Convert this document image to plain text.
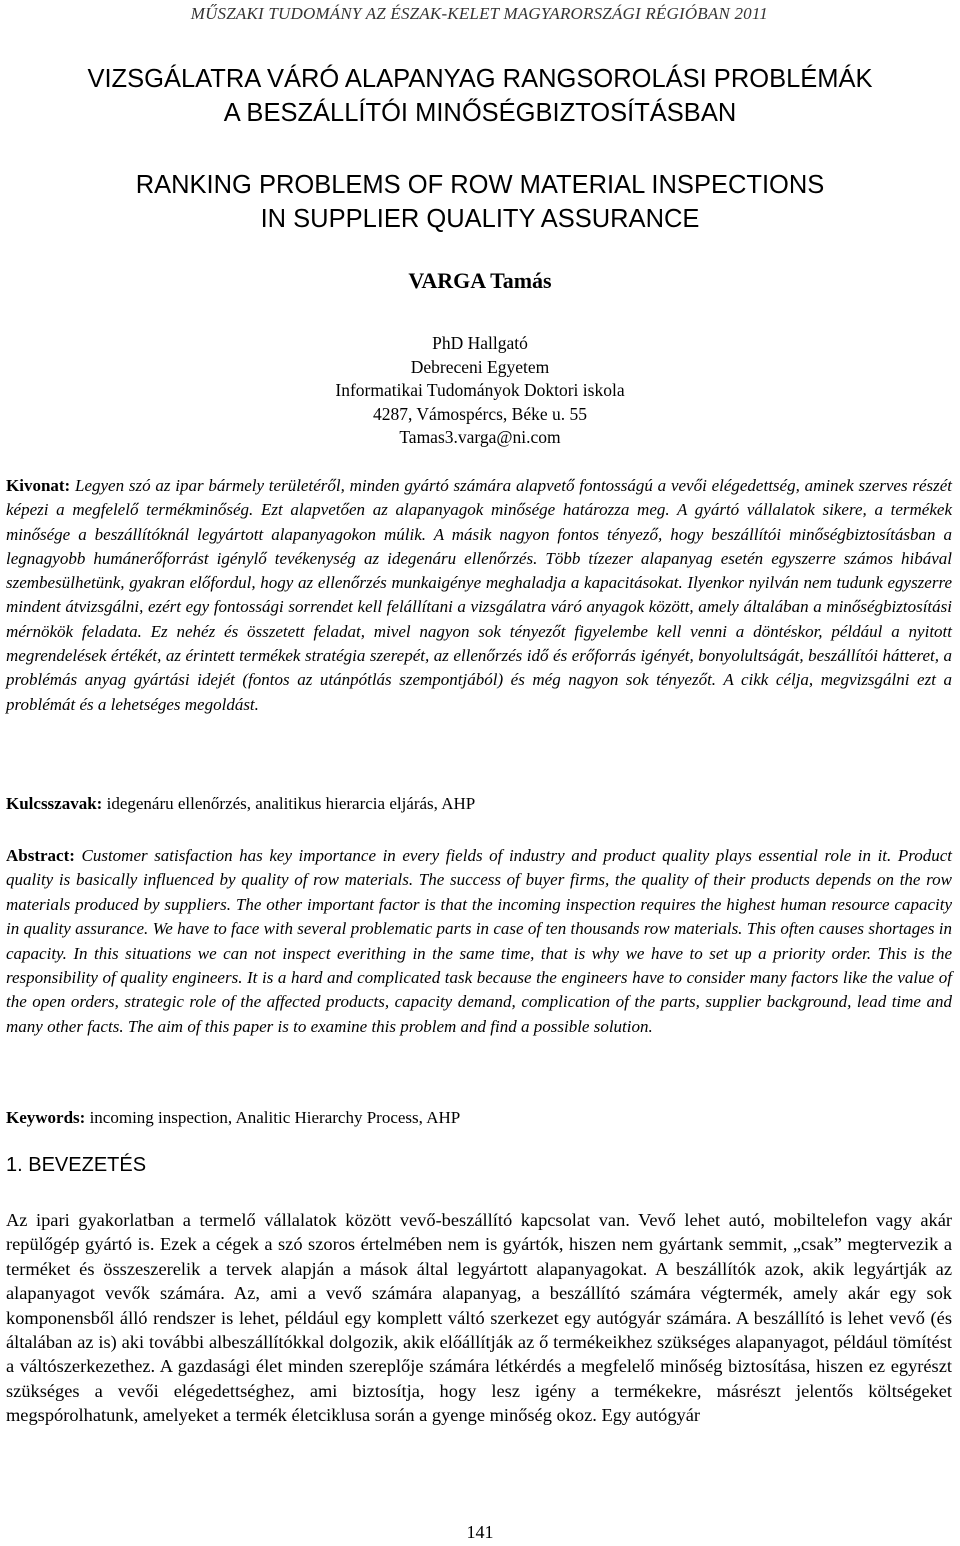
MŰSZAKI TUDOMÁNY AZ ÉSZAK-KELET MAGYARORSZÁGI RÉGIÓBAN 2011
VIZSGÁLATRA VÁRÓ ALAPANYAG RANGSOROLÁSI PROBLÉMÁK
A BESZÁLLÍTÓI MINŐSÉGBIZTOSÍTÁSBAN
RANKING PROBLEMS OF ROW MATERIAL INSPECTIONS
IN SUPPLIER QUALITY ASSURANCE
VARGA Tamás
PhD Hallgató
Debreceni Egyetem
Informatikai Tudományok Doktori iskola
4287, Vámospércs, Béke u. 55
Tamas3.varga@ni.com
Kivonat: Legyen szó az ipar bármely területéről, minden gyártó számára alapvető fontosságú a vevői elégedettség, aminek szerves részét képezi a megfelelő termékminőség. Ezt alapvetően az alapanyagok minősége határozza meg. A gyártó vállalatok sikere, a termékek minősége a beszállítóknál legyártott alapanyagokon múlik. A másik nagyon fontos tényező, hogy beszállítói minőségbiztosításban a legnagyobb humánerőforrást igénylő tevékenység az idegenáru ellenőrzés. Több tízezer alapanyag esetén egyszerre számos hibával szembesülhetünk, gyakran előfordul, hogy az ellenőrzés munkaigénye meghaladja a kapacitásokat. Ilyenkor nyilván nem tudunk egyszerre mindent átvizsgálni, ezért egy fontossági sorrendet kell felállítani a vizsgálatra váró anyagok között, amely általában a minőségbiztosítási mérnökök feladata. Ez nehéz és összetett feladat, mivel nagyon sok tényezőt figyelembe kell venni a döntéskor, például a nyitott megrendelések értékét, az érintett termékek stratégia szerepét, az ellenőrzés idő és erőforrás igényét, bonyolultságát, beszállítói hátteret, a problémás anyag gyártási idejét (fontos az utánpótlás szempontjából) és még nagyon sok tényezőt. A cikk célja, megvizsgálni ezt a problémát és a lehetséges megoldást.
Kulcsszavak: idegenáru ellenőrzés, analitikus hierarcia eljárás, AHP
Abstract: Customer satisfaction has key importance in every fields of industry and product quality plays essential role in it. Product quality is basically influenced by quality of row materials. The success of buyer firms, the quality of their products depends on the row materials produced by suppliers. The other important factor is that the incoming inspection requires the highest human resource capacity in quality assurance. We have to face with several problematic parts in case of ten thousands row materials. This often causes shortages in capacity. In this situations we can not inspect everithing in the same time, that is why we have to set up a priority order. This is the responsibility of quality engineers. It is a hard and complicated task because the engineers have to consider many factors like the value of the open orders, strategic role of the affected products, capacity demand, complication of the parts, supplier background, lead time and many other facts. The aim of this paper is to examine this problem and find a possible solution.
Keywords: incoming inspection, Analitic Hierarchy Process, AHP
1. BEVEZETÉS
Az ipari gyakorlatban a termelő vállalatok között vevő-beszállító kapcsolat van. Vevő lehet autó, mobiltelefon vagy akár repülőgép gyártó is. Ezek a cégek a szó szoros értelmében nem is gyártók, hiszen nem gyártank semmit, „csak” megtervezik a terméket és összeszerelik a tervek alapján a mások által legyártott alapanyagokat. A beszállítók azok, akik legyártják az alapanyagot vevők számára. Az, ami a vevő számára alapanyag, a beszállító számára végtermék, amely akár egy sok komponensből álló rendszer is lehet, például egy komplett váltó szerkezet egy autógyár számára. A beszállító is lehet vevő (és általában az is) aki további albeszállítókkal dolgozik, akik előállítják az ő termékeikhez szükséges alapanyagot, például tömítést a váltószerkezethez. A gazdasági élet minden szereplője számára létkérdés a megfelelő minőség biztosítása, hiszen ez egyrészt szükséges a vevői elégedettséghez, ami biztosítja, hogy lesz igény a termékekre, másrészt jelentős költségeket megspórolhatunk, amelyeket a termék életciklusa során a gyenge minőség okoz. Egy autógyár
141
